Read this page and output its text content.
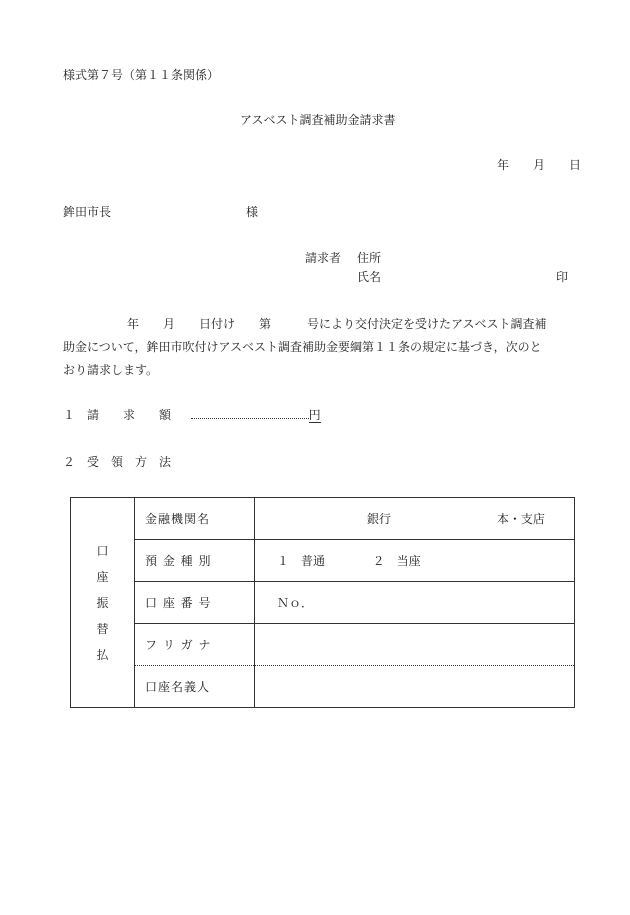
様式第７号（第１１条関係）
アスベスト調査補助金請求書
年　　月　　日
鉾田市長	様
請求者 住所
氏名	印
年　　月　　日付け　　第　　　号により交付決定を受けたアスベスト調査補
助金について，鉾田市吹付けアスベスト調査補助金要綱第１１条の規定に基づき，次のと
おり請求します。
１　請　　求　　額	円
２　受　領　方　法
口
座
振
替
払	金融機関名	銀行 本・支店
	預 金 種 別	１　普通 ２　当座
	口 座 番 号	Ｎｏ．
	フ リ ガ ナ	
	口座名義人	
